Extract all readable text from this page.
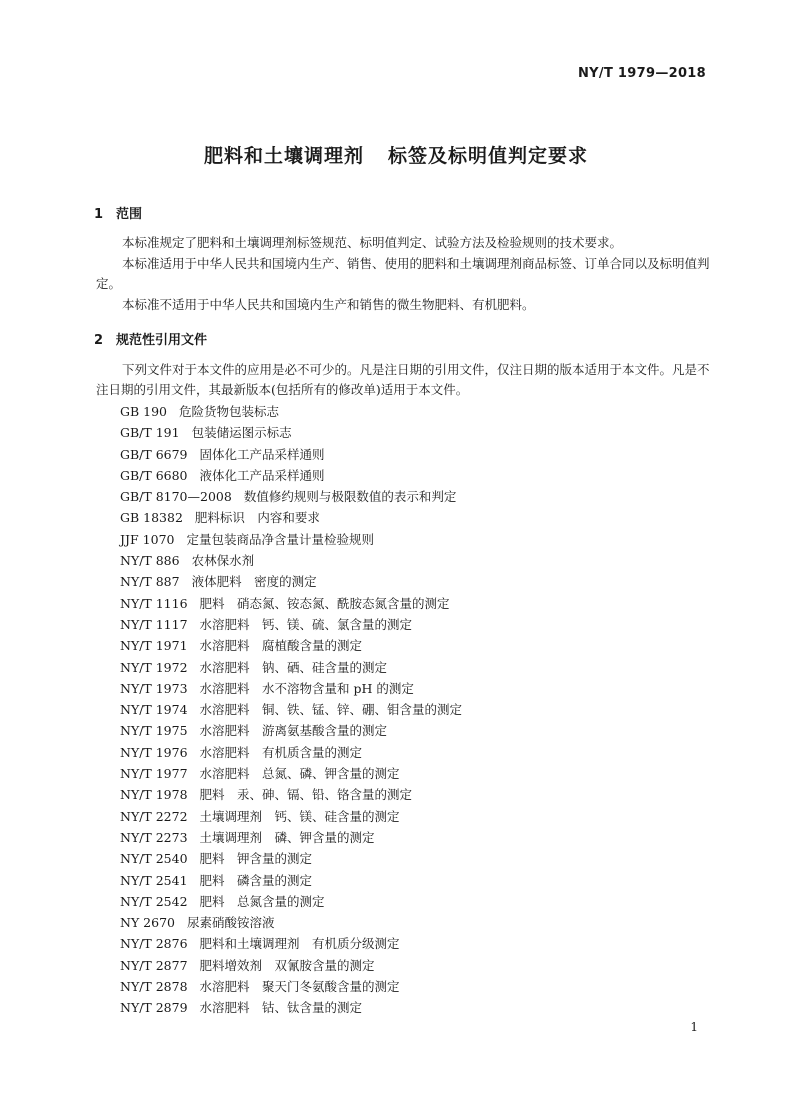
NY/T 1979—2018
肥料和土壤调理剂 标签及标明值判定要求
1 范围
本标准规定了肥料和土壤调理剂标签规范、标明值判定、试验方法及检验规则的技术要求。
本标准适用于中华人民共和国境内生产、销售、使用的肥料和土壤调理剂商品标签、订单合同以及标明值判定。
本标准不适用于中华人民共和国境内生产和销售的微生物肥料、有机肥料。
2 规范性引用文件
下列文件对于本文件的应用是必不可少的。凡是注日期的引用文件，仅注日期的版本适用于本文件。凡是不注日期的引用文件，其最新版本(包括所有的修改单)适用于本文件。
GB 190 危险货物包装标志
GB/T 191 包装储运图示标志
GB/T 6679 固体化工产品采样通则
GB/T 6680 液体化工产品采样通则
GB/T 8170—2008 数值修约规则与极限数值的表示和判定
GB 18382 肥料标识　内容和要求
JJF 1070 定量包装商品净含量计量检验规则
NY/T 886 农林保水剂
NY/T 887 液体肥料　密度的测定
NY/T 1116 肥料　硝态氮、铵态氮、酰胺态氮含量的测定
NY/T 1117 水溶肥料　钙、镁、硫、氯含量的测定
NY/T 1971 水溶肥料　腐植酸含量的测定
NY/T 1972 水溶肥料　钠、硒、硅含量的测定
NY/T 1973 水溶肥料　水不溶物含量和 pH 的测定
NY/T 1974 水溶肥料　铜、铁、锰、锌、硼、钼含量的测定
NY/T 1975 水溶肥料　游离氨基酸含量的测定
NY/T 1976 水溶肥料　有机质含量的测定
NY/T 1977 水溶肥料　总氮、磷、钾含量的测定
NY/T 1978 肥料　汞、砷、镉、铅、铬含量的测定
NY/T 2272 土壤调理剂　钙、镁、硅含量的测定
NY/T 2273 土壤调理剂　磷、钾含量的测定
NY/T 2540 肥料　钾含量的测定
NY/T 2541 肥料　磷含量的测定
NY/T 2542 肥料　总氮含量的测定
NY 2670 尿素硝酸铵溶液
NY/T 2876 肥料和土壤调理剂　有机质分级测定
NY/T 2877 肥料增效剂　双氰胺含量的测定
NY/T 2878 水溶肥料　聚天门冬氨酸含量的测定
NY/T 2879 水溶肥料　钴、钛含量的测定
1
